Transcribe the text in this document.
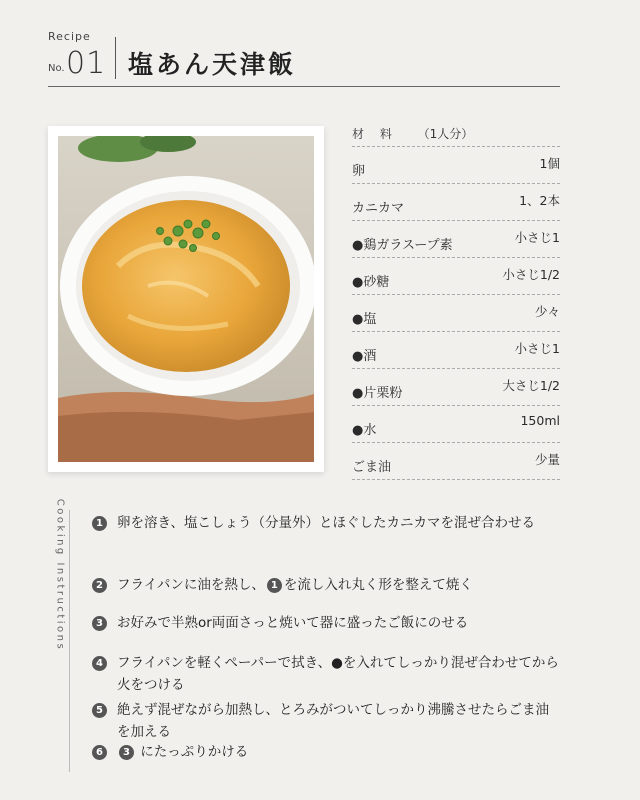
Recipe
No. 01 塩あん天津飯
材 料 （1人分）
卵
1個
カニカマ
1、2本
●鶏ガラスープ素
小さじ1
●砂糖
小さじ1/2
●塩
少々
●酒
小さじ1
●片栗粉
大さじ1/2
●水
150ml
ごま油
少量
Cooking Instructions	1 卵を溶き、塩こしょう（分量外）とほぐしたカニカマを混ぜ合わせる
2 フライパンに油を熱し、 1 を流し入れ丸く形を整えて焼く
3 お好みで半熟or両面さっと焼いて器に盛ったご飯にのせる
4 フライパンを軽くペーパーで拭き、●を入れてしっかり混ぜ合わせてから火をつける
5 絶えず混ぜながら加熱し、とろみがついてしっかり沸騰させたらごま油を加える
6	3 にたっぷりかける
